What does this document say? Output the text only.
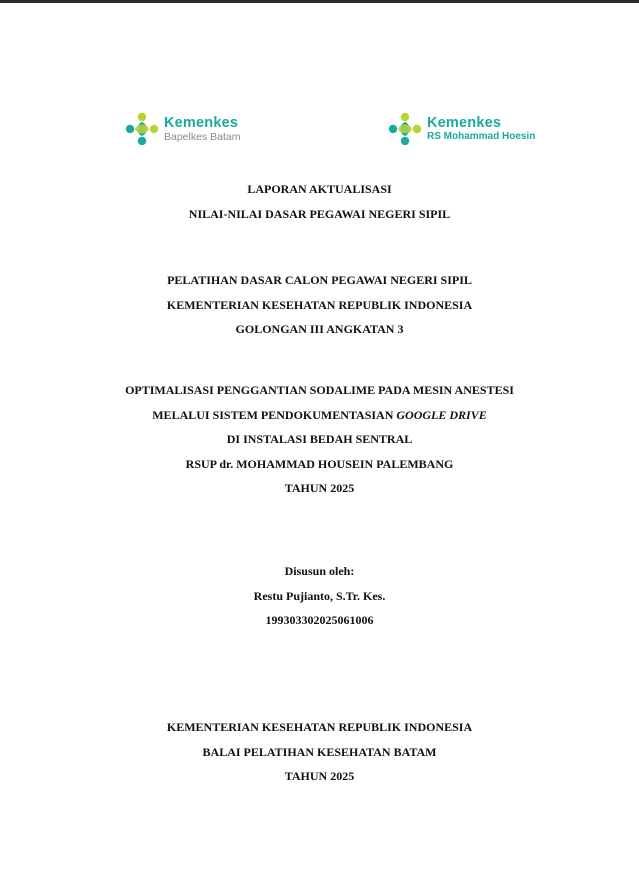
Kemenkes
Bapelkes Batam
Kemenkes
RS Mohammad Hoesin
LAPORAN AKTUALISASI
NILAI-NILAI DASAR PEGAWAI NEGERI SIPIL
PELATIHAN DASAR CALON PEGAWAI NEGERI SIPIL
KEMENTERIAN KESEHATAN REPUBLIK INDONESIA
GOLONGAN III ANGKATAN 3
OPTIMALISASI PENGGANTIAN SODALIME PADA MESIN ANESTESI
MELALUI SISTEM PENDOKUMENTASIAN GOOGLE DRIVE
DI INSTALASI BEDAH SENTRAL
RSUP dr. MOHAMMAD HOUSEIN PALEMBANG
TAHUN 2025
Disusun oleh:
Restu Pujianto, S.Tr. Kes.
199303302025061006
KEMENTERIAN KESEHATAN REPUBLIK INDONESIA
BALAI PELATIHAN KESEHATAN BATAM
TAHUN 2025
